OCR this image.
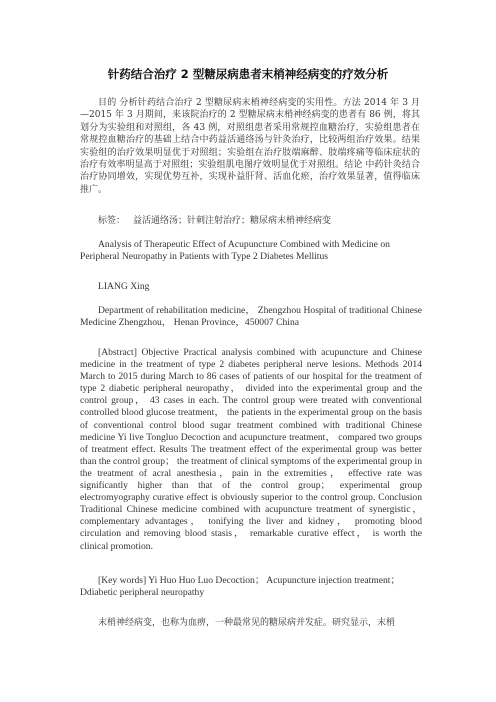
针药结合治疗 2 型糖尿病患者末梢神经病变的疗效分析
目的 分析针药结合治疗 2 型糖尿病末梢神经病变的实用性。方法 2014 年 3 月—2015 年 3 月期间，来该院治疗的 2 型糖尿病末梢神经病变的患者有 86 例，将其划分为实验组和对照组，各 43 例，对照组患者采用常规控血糖治疗，实验组患者在常规控血糖治疗的基础上结合中药益活通络汤与针灸治疗，比较两组治疗效果。结果 实验组的治疗效果明显优于对照组；实验组在治疗肢端麻醉、肢端疼痛等临床症状的治疗有效率明显高于对照组；实验组肌电图疗效明显优于对照组。结论 中药针灸结合治疗协同增效，实现优势互补，实现补益肝肾、活血化瘀，治疗效果显著，值得临床推广。
标签： 益活通络汤；针刺注射治疗；糖尿病末梢神经病变
Analysis of Therapeutic Effect of Acupuncture Combined with Medicine on Peripheral Neuropathy in Patients with Type 2 Diabetes Mellitus
LIANG Xing
Department of rehabilitation medicine， Zhengzhou Hospital of traditional Chinese Medicine Zhengzhou， Henan Province，450007 China
[Abstract] Objective Practical analysis combined with acupuncture and Chinese medicine in the treatment of type 2 diabetes peripheral nerve lesions. Methods 2014 March to 2015 during March to 86 cases of patients of our hospital for the treatment of type 2 diabetic peripheral neuropathy， divided into the experimental group and the control group， 43 cases in each. The control group were treated with conventional controlled blood glucose treatment， the patients in the experimental group on the basis of conventional control blood sugar treatment combined with traditional Chinese medicine Yi live Tongluo Decoction and acupuncture treatment， compared two groups of treatment effect. Results The treatment effect of the experimental group was better than the control group； the treatment of clinical symptoms of the experimental group in the treatment of acral anesthesia，pain in the extremities， effective rate was significantly higher than that of the control group； experimental group electromyography curative effect is obviously superior to the control group. Conclusion Traditional Chinese medicine combined with acupuncture treatment of synergistic， complementary advantages， tonifying the liver and kidney， promoting blood circulation and removing blood stasis， remarkable curative effect， is worth the clinical promotion.
[Key words] Yi Huo Huo Luo Decoction； Acupuncture injection treatment； Ddiabetic peripheral neuropathy
末梢神经病变，也称为血痹，一种最常见的糖尿病并发症。研究显示，末梢
